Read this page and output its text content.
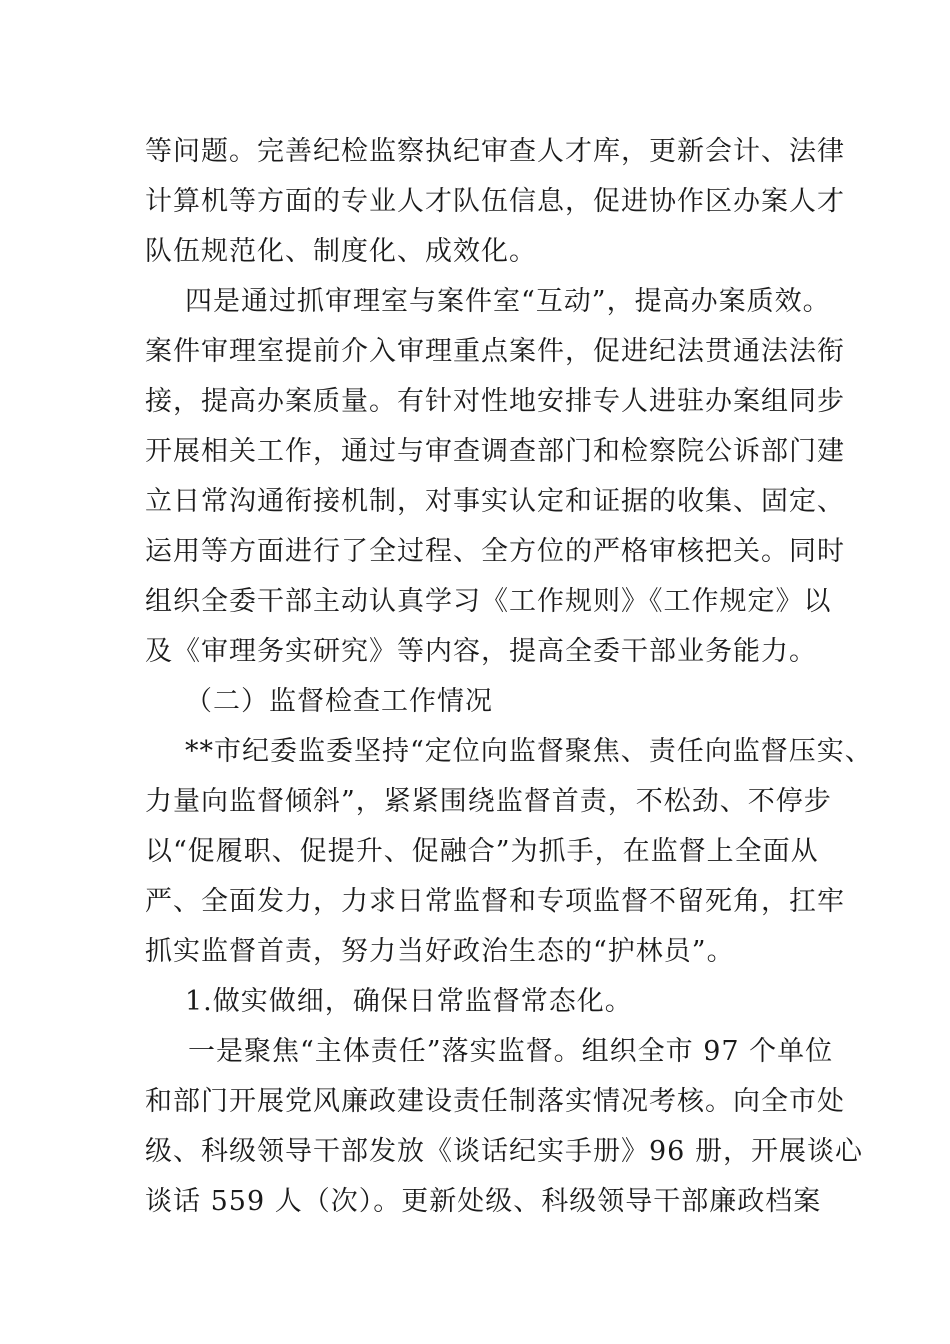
等问题。完善纪检监察执纪审查人才库，更新会计、法律
计算机等方面的专业人才队伍信息，促进协作区办案人才
队伍规范化、制度化、成效化。
四是通过抓审理室与案件室“互动”，提高办案质效。
案件审理室提前介入审理重点案件，促进纪法贯通法法衔
接，提高办案质量。有针对性地安排专人进驻办案组同步
开展相关工作，通过与审查调查部门和检察院公诉部门建
立日常沟通衔接机制，对事实认定和证据的收集、固定、
运用等方面进行了全过程、全方位的严格审核把关。同时
组织全委干部主动认真学习《工作规则》《工作规定》以
及《审理务实研究》等内容，提高全委干部业务能力。
（二）监督检查工作情况
**市纪委监委坚持“定位向监督聚焦、责任向监督压实、
力量向监督倾斜”，紧紧围绕监督首责，不松劲、不停步
以“促履职、促提升、促融合”为抓手，在监督上全面从
严、全面发力，力求日常监督和专项监督不留死角，扛牢
抓实监督首责，努力当好政治生态的“护林员”。
1.做实做细，确保日常监督常态化。
一是聚焦“主体责任”落实监督。组织全市 97 个单位
和部门开展党风廉政建设责任制落实情况考核。向全市处
级、科级领导干部发放《谈话纪实手册》96 册，开展谈心
谈话 559 人（次）。更新处级、科级领导干部廉政档案
